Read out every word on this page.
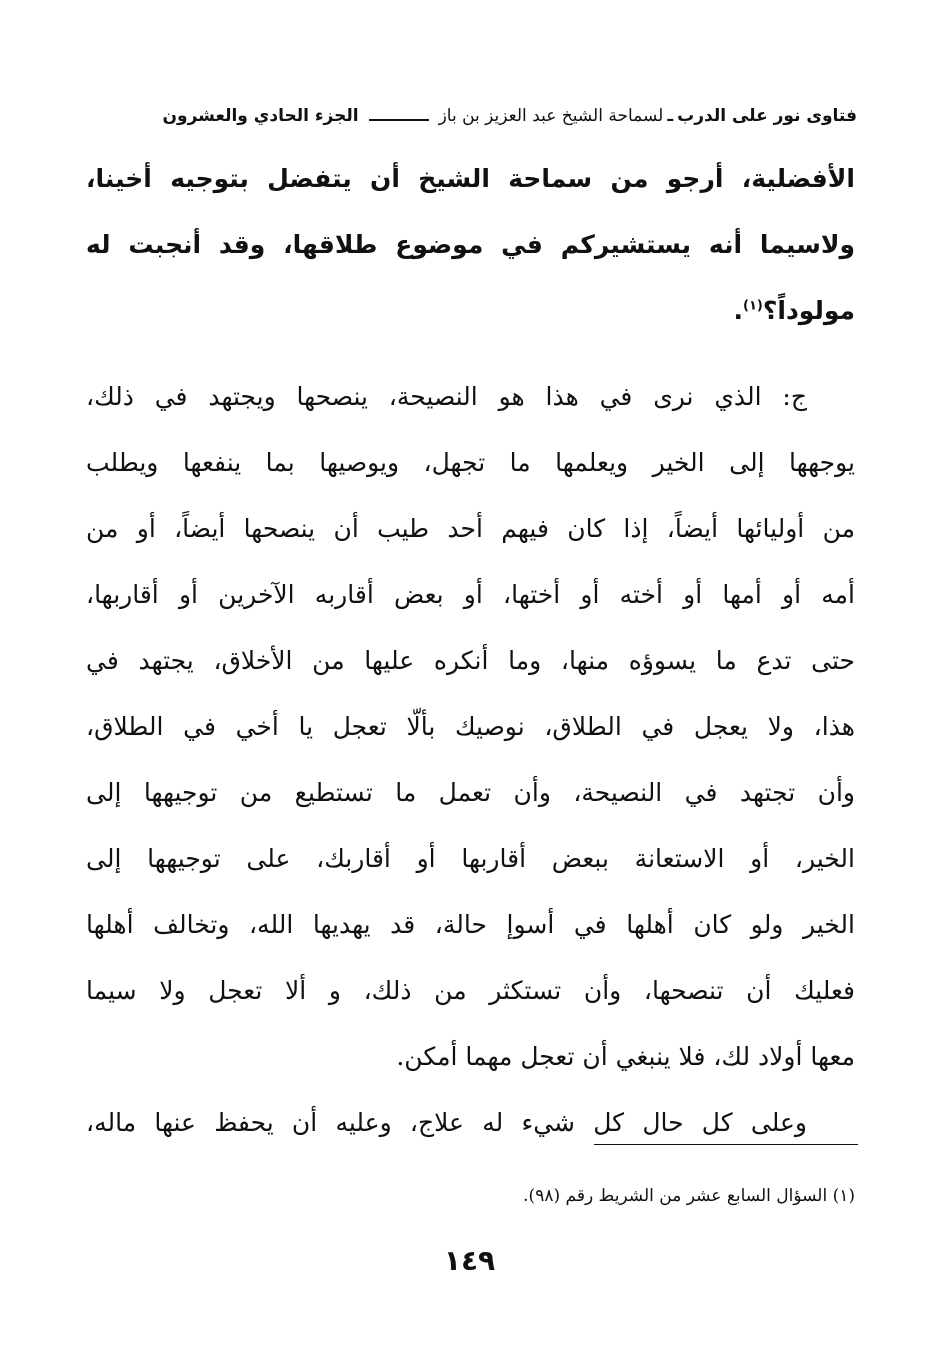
فتاوى نور على الدرب
ـ
لسماحة الشيخ عبد العزيز بن باز
الجزء الحادي والعشرون
الأفضلية، أرجو من سماحة الشيخ أن يتفضل بتوجيه أخينا،
ولاسيما أنه يستشيركم في موضوع طلاقها، وقد أنجبت له
مولوداً؟$^{(١)}$.
ج: الذي نرى في هذا هو النصيحة، ينصحها ويجتهد في ذلك،
يوجهها إلى الخير ويعلمها ما تجهل، ويوصيها بما ينفعها ويطلب
من أوليائها أيضاً، إذا كان فيهم أحد طيب أن ينصحها أيضاً، أو من
أمه أو أمها أو أخته أو أختها، أو بعض أقاربه الآخرين أو أقاربها،
حتى تدع ما يسوؤه منها، وما أنكره عليها من الأخلاق، يجتهد في
هذا، ولا يعجل في الطلاق، نوصيك بألّا تعجل يا أخي في الطلاق،
وأن تجتهد في النصيحة، وأن تعمل ما تستطيع من توجيهها إلى
الخير، أو الاستعانة ببعض أقاربها أو أقاربك، على توجيهها إلى
الخير ولو كان أهلها في أسوإ حالة، قد يهديها الله، وتخالف أهلها
فعليك أن تنصحها، وأن تستكثر من ذلك، و ألا تعجل ولا سيما
معها أولاد لك، فلا ينبغي أن تعجل مهما أمكن.
وعلى كل حال كل شيء له علاج، وعليه أن يحفظ عنها ماله،
(١) السؤال السابع عشر من الشريط رقم (٩٨).
١٤٩
